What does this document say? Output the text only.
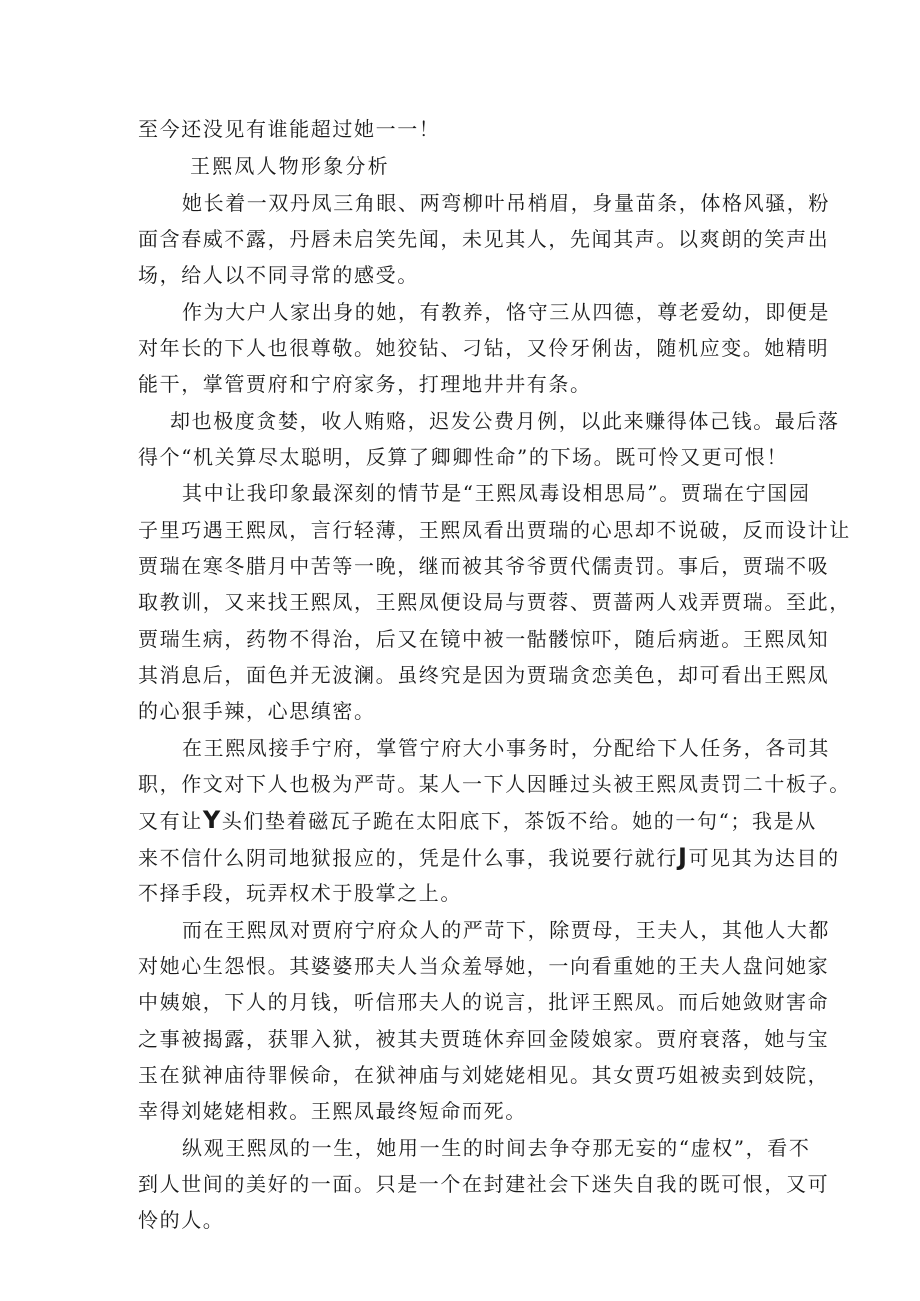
至今还没见有谁能超过她一一！
王熙凤人物形象分析
她长着一双丹凤三角眼、两弯柳叶吊梢眉，身量苗条，体格风骚，粉
面含春威不露，丹唇未启笑先闻，未见其人，先闻其声。以爽朗的笑声出
场，给人以不同寻常的感受。
作为大户人家出身的她，有教养，恪守三从四德，尊老爱幼，即便是
对年长的下人也很尊敬。她狡钻、刁钻，又伶牙俐齿，随机应变。她精明
能干，掌管贾府和宁府家务，打理地井井有条。
却也极度贪婪，收人贿赂，迟发公费月例，以此来赚得体己钱。最后落
得个“机关算尽太聪明，反算了卿卿性命”的下场。既可怜又更可恨！
其中让我印象最深刻的情节是“王熙凤毒设相思局”。贾瑞在宁国园
子里巧遇王熙凤，言行轻薄，王熙凤看出贾瑞的心思却不说破，反而设计让
贾瑞在寒冬腊月中苦等一晚，继而被其爷爷贾代儒责罚。事后，贾瑞不吸
取教训，又来找王熙凤，王熙凤便设局与贾蓉、贾蔷两人戏弄贾瑞。至此，
贾瑞生病，药物不得治，后又在镜中被一骷髅惊吓，随后病逝。王熙凤知
其消息后，面色并无波澜。虽终究是因为贾瑞贪恋美色，却可看出王熙凤
的心狠手辣，心思缜密。
在王熙凤接手宁府，掌管宁府大小事务时，分配给下人任务，各司其
职，作文对下人也极为严苛。某人一下人因睡过头被王熙凤责罚二十板子。
又有让Y头们垫着磁瓦子跪在太阳底下，茶饭不给。她的一句“；我是从
来不信什么阴司地狱报应的，凭是什么事，我说要行就行J可见其为达目的
不择手段，玩弄权术于股掌之上。
而在王熙凤对贾府宁府众人的严苛下，除贾母，王夫人，其他人大都
对她心生怨恨。其婆婆邢夫人当众羞辱她，一向看重她的王夫人盘问她家
中姨娘，下人的月钱，听信邢夫人的说言，批评王熙凤。而后她敛财害命
之事被揭露，获罪入狱，被其夫贾琏休弃回金陵娘家。贾府衰落，她与宝
玉在狱神庙待罪候命，在狱神庙与刘姥姥相见。其女贾巧姐被卖到妓院，
幸得刘姥姥相救。王熙凤最终短命而死。
纵观王熙凤的一生，她用一生的时间去争夺那无妄的“虚权”，看不
到人世间的美好的一面。只是一个在封建社会下迷失自我的既可恨，又可
怜的人。
